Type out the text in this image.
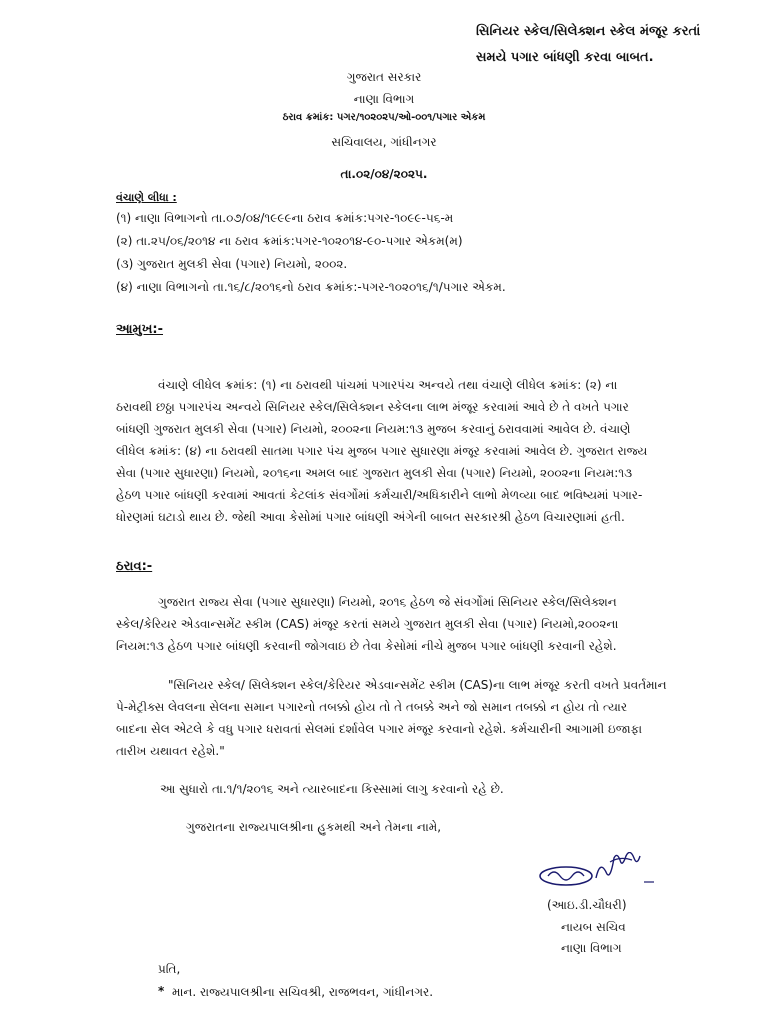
સિનિયર સ્કેલ/સિલેક્શન સ્કેલ મંજૂર કરતાં
સમયે પગાર બાંધણી કરવા બાબત.
ગુજરાત સરકાર
નાણા વિભાગ
ઠરાવ ક્રમાંક: પગર/૧૦૨૦૨૫/ઓ-૦૦૧/પગાર એકમ
સચિવાલય, ગાંધીનગર
તા.૦૨/૦૪/૨૦૨૫.
વંચાણે લીધા :
(૧) નાણા વિભાગનો તા.૦૭/૦૪/૧૯૯૯ના ઠરાવ ક્રમાંક:પગર-૧૦૯૯-૫૬-મ
(૨) તા.૨૫/૦૬/૨૦૧૪ ના ઠરાવ ક્રમાંક:પગર-૧૦૨૦૧૪-૯૦-પગાર એકમ(મ)
(૩) ગુજરાત મુલકી સેવા (પગાર) નિયમો, ૨૦૦૨.
(૪) નાણા વિભાગનો તા.૧૬/૮/૨૦૧૬નો ઠરાવ ક્રમાંક:-પગર-૧૦૨૦૧૬/૧/પગાર એકમ.
આમુખ:-
વંચાણે લીધેલ ક્રમાંક: (૧) ના ઠરાવથી પાંચમાં પગારપંચ અન્વયે તથા વંચાણે લીધેલ ક્રમાંક: (૨) ના
ઠરાવથી છઠ્ઠા પગારપંચ અન્વયે સિનિયર સ્કેલ/સિલેક્શન સ્કેલના લાભ મંજૂર કરવામાં આવે છે તે વખતે પગાર
બાંધણી ગુજરાત મુલકી સેવા (પગાર) નિયમો, ૨૦૦૨ના નિયમ:૧૩ મુજબ કરવાનું ઠરાવવામાં આવેલ છે. વંચાણે
લીધેલ ક્રમાંક: (૪) ના ઠરાવથી સાતમા પગાર પંચ મુજબ પગાર સુધારણા મંજૂર કરવામાં આવેલ છે. ગુજરાત રાજ્ય
સેવા (પગાર સુધારણા) નિયમો, ૨૦૧૬ના અમલ બાદ ગુજરાત મુલકી સેવા (પગાર) નિયમો, ૨૦૦૨ના નિયમ:૧૩
હેઠળ પગાર બાંધણી કરવામાં આવતાં કેટલાંક સંવર્ગોમાં કર્મચારી/અધિકારીને લાભો મેળવ્યા બાદ ભવિષ્યમાં પગાર-
ધોરણમાં ઘટાડો થાય છે. જેથી આવા કેસોમાં પગાર બાંધણી અંગેની બાબત સરકારશ્રી હેઠળ વિચારણામાં હતી.
ઠરાવ:-
ગુજરાત રાજ્ય સેવા (પગાર સુધારણા) નિયમો, ૨૦૧૬ હેઠળ જે સંવર્ગોમાં સિનિયર સ્કેલ/સિલેક્શન
સ્કેલ/કેરિયર એડવાન્સમેંટ સ્કીમ (CAS) મંજૂર કરતાં સમયે ગુજરાત મુલકી સેવા (પગાર) નિયમો,૨૦૦૨ના
નિયમ:૧૩ હેઠળ પગાર બાંધણી કરવાની જોગવાઇ છે તેવા કેસોમાં નીચે મુજબ પગાર બાંધણી કરવાની રહેશે.
"સિનિયર સ્કેલ/ સિલેક્શન સ્કેલ/કેરિયર એડવાન્સમેંટ સ્કીમ (CAS)ના લાભ મંજૂર કરતી વખતે પ્રવર્તમાન
પે-મેટ્રીક્સ લેવલના સેલના સમાન પગારનો તબક્કો હોય તો તે તબક્કે અને જો સમાન તબક્કો ન હોય તો ત્યાર
બાદના સેલ એટલે કે વધુ પગાર ધરાવતાં સેલમાં દર્શાવેલ પગાર મંજૂર કરવાનો રહેશે. કર્મચારીની આગામી ઇજાફા
તારીખ યથાવત રહેશે."
આ સુધારો તા.૧/૧/૨૦૧૬ અને ત્યારબાદના કિસ્સામાં લાગુ કરવાનો રહે છે.
ગુજરાતના રાજ્યપાલશ્રીના હુકમથી અને તેમના નામે,
(આઇ.ડી.ચૌધરી)
નાયબ સચિવ
નાણા વિભાગ
પ્રતિ,
* માન. રાજ્યપાલશ્રીના સચિવશ્રી, રાજભવન, ગાંધીનગર.
